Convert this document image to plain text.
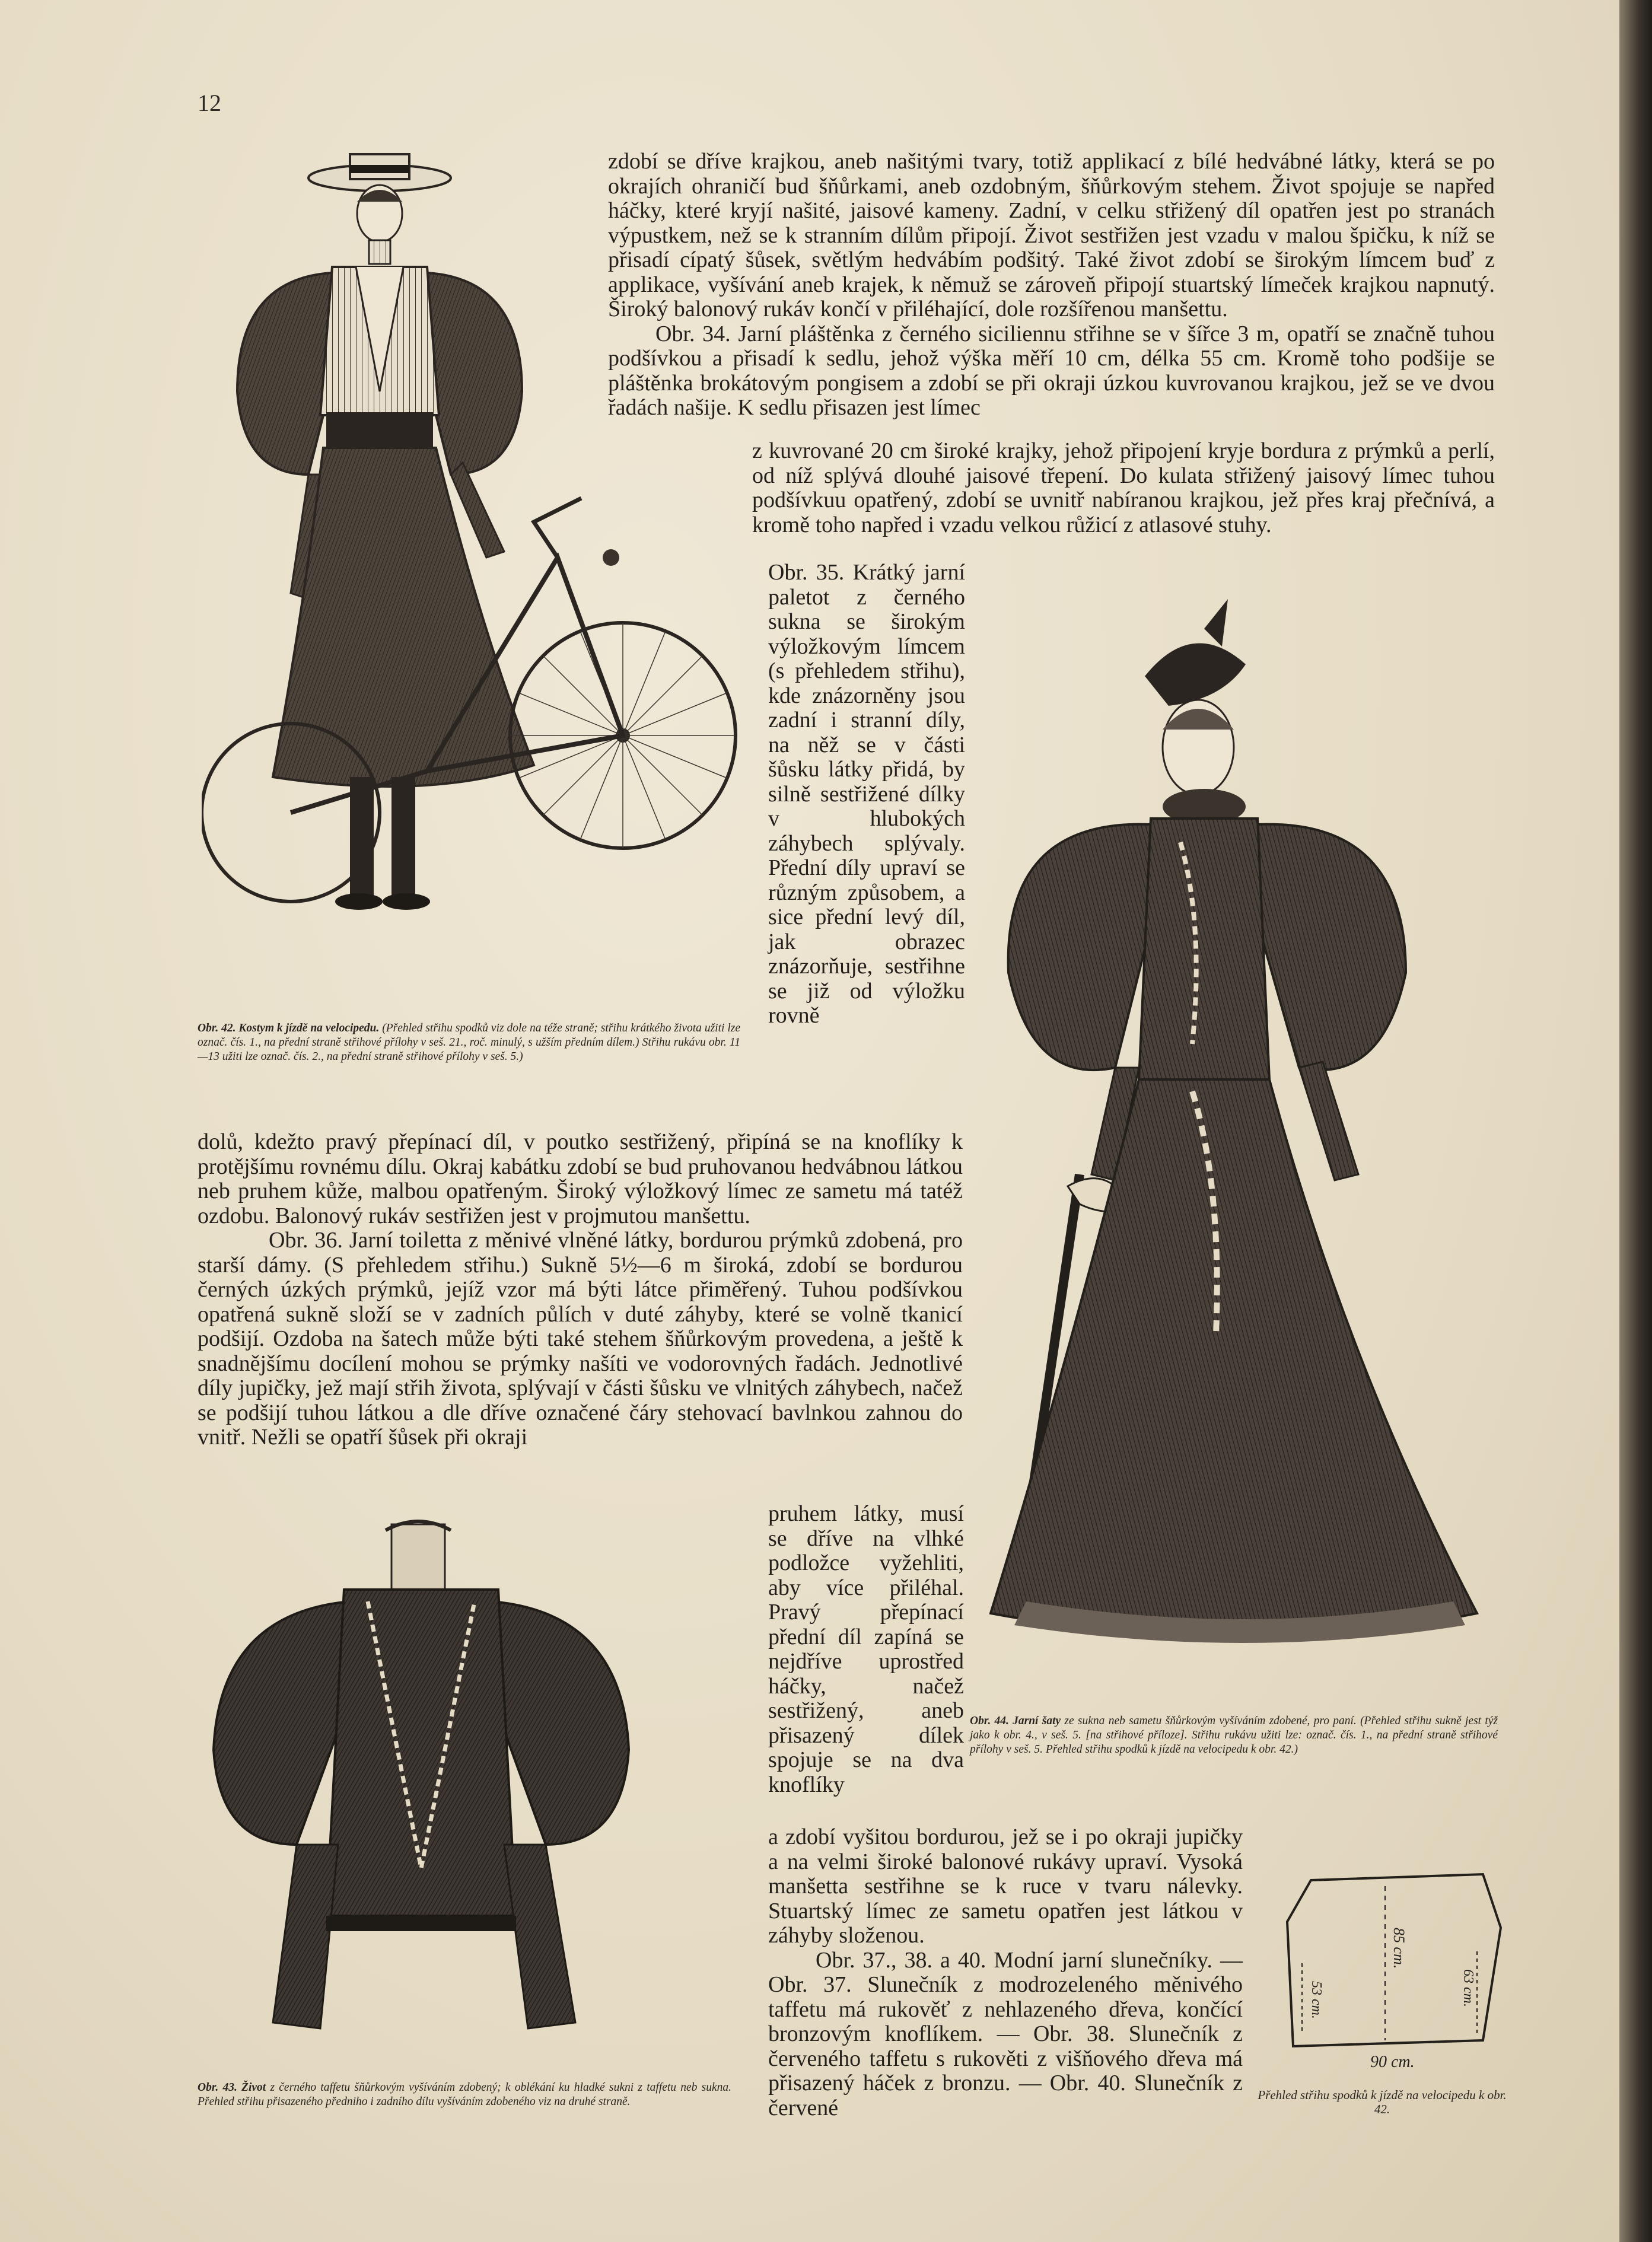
12
Obr. 42. Kostym k jízdě na velocipedu. (Přehled střihu spodků viz dole na téže straně; střihu krátkého života užiti lze označ. čís. 1., na přední straně střihové přílohy v seš. 21., roč. minulý, s užším předním dílem.) Střihu rukávu obr. 11—13 užiti lze označ. čís. 2., na přední straně střihové přílohy v seš. 5.)

zdobí se dříve krajkou, aneb našitými tvary, totiž applikací z bílé hedvábné látky, která se po okrajích ohraničí bud šňůrkami, aneb ozdobným, šňůrkovým stehem. Život spojuje se napřed háčky, které kryjí našité, jaisové kameny. Zadní, v celku střižený díl opatřen jest po stranách výpustkem, než se k stranním dílům připojí. Život sestřižen jest vzadu v malou špičku, k níž se přisadí cípatý šůsek, světlým hedvábím podšitý. Také život zdobí se širokým límcem buď z applikace, vyšívání aneb krajek, k němuž se zároveň připojí stuartský límeček krajkou napnutý. Široký balonový rukáv končí v přiléhající, dole rozšířenou manšettu.

Obr. 34. Jarní pláštěnka z černého siciliennu střihne se v šířce 3 m, opatří se značně tuhou podšívkou a přisadí k sedlu, jehož výška měří 10 cm, délka 55 cm. Kromě toho podšije se pláštěnka brokátovým pongisem a zdobí se při okraji úzkou kuvrovanou krajkou, jež se ve dvou řadách našije. K sedlu přisazen jest límec

z kuvrované 20 cm široké krajky, jehož připojení kryje bordura z prýmků a perlí, od níž splývá dlouhé jaisové třepení. Do kulata střižený jaisový límec tuhou podšívkuu opatřený, zdobí se uvnitř nabíranou krajkou, jež přes kraj přečnívá, a kromě toho napřed i vzadu velkou růžicí z atlasové stuhy.

Obr. 35. Krátký jarní paletot z černého sukna se širokým výložkovým límcem (s přehledem střihu), kde znázorněny jsou zadní i stranní díly, na něž se v části šůsku látky přidá, by silně sestřižené dílky v hlubokých záhybech splývaly. Přední díly upraví se různým způsobem, a sice přední levý díl, jak obrazec znázorňuje, sestřihne se již od výložku rovně

Obr. 44. Jarní šaty ze sukna neb sametu šňůrkovým vyšíváním zdobené, pro paní. (Přehled střihu sukně jest týž jako k obr. 4., v seš. 5. [na střihové příloze]. Střihu rukávu užiti lze: označ. čís. 1., na přední straně střihové přílohy v seš. 5. Přehled střihu spodků k jízdě na velocipedu k obr. 42.)

dolů, kdežto pravý přepínací díl, v poutko sestřižený, připíná se na knoflíky k protějšímu rovnému dílu. Okraj kabátku zdobí se bud pruhovanou hedvábnou látkou neb pruhem kůže, malbou opatřeným. Široký výložkový límec ze sametu má tatéž ozdobu. Balonový rukáv sestřižen jest v projmutou manšettu.

Obr. 36. Jarní toiletta z měnivé vlněné látky, bordurou prýmků zdobená, pro starší dámy. (S přehledem střihu.) Sukně 5½—6 m široká, zdobí se bordurou černých úzkých prýmků, jejíž vzor má býti látce přiměřený. Tuhou podšívkou opatřená sukně složí se v zadních půlích v duté záhyby, které se volně tkanicí podšijí. Ozdoba na šatech může býti také stehem šňůrkovým provedena, a ještě k snadnějšímu docílení mohou se prýmky našíti ve vodorovných řadách. Jednotlivé díly jupičky, jež mají střih života, splývají v části šůsku ve vlnitých záhybech, načež se podšijí tuhou látkou a dle dříve označené čáry stehovací bavlnkou zahnou do vnitř. Nežli se opatří šůsek při okraji

Obr. 43. Život z černého taffetu šňůrkovým vyšíváním zdobený; k oblékání ku hladké sukni z taffetu neb sukna. Přehled střihu přisazeného předniho i zadního dílu vyšíváním zdobeného viz na druhé straně.

pruhem látky, musí se dříve na vlhké podložce vyžehliti, aby více přiléhal. Pravý přepínací přední díl zapíná se nejdříve uprostřed háčky, načež sestřižený, aneb přisazený dílek spojuje se na dva knoflíky

a zdobí vyšitou bordurou, jež se i po okraji jupičky a na velmi široké balonové rukávy upraví. Vysoká manšetta sestřihne se k ruce v tvaru nálevky. Stuartský límec ze sametu opatřen jest látkou v záhyby složenou.

Obr. 37., 38. a 40. Modní jarní slunečníky. — Obr. 37. Slunečník z modrozeleného měnivého taffetu má rukověť z nehlazeného dřeva, končící bronzovým knoflíkem. — Obr. 38. Slunečník z červeného taffetu s rukověti z višňového dřeva má přisazený háček z bronzu. — Obr. 40. Slunečník z červené

53 cm.
85 cm.
63 cm.
90 cm.
Přehled střihu spodků k jízdě na velocipedu k obr. 42.
